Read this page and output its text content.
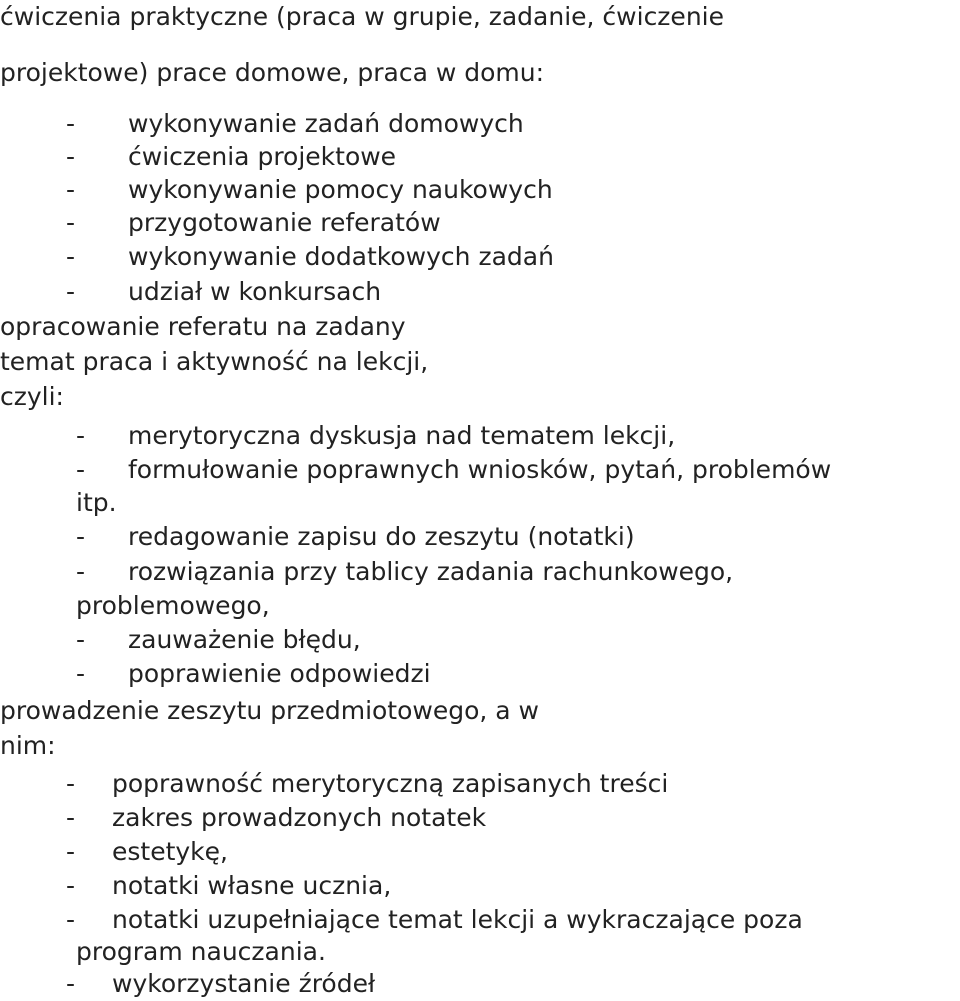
ćwiczenia praktyczne (praca w grupie, zadanie, ćwiczenie
projektowe) prace domowe, praca w domu:
- wykonywanie zadań domowych
- ćwiczenia projektowe
- wykonywanie pomocy naukowych
- przygotowanie referatów
- wykonywanie dodatkowych zadań
- udział w konkursach
opracowanie referatu na zadany
temat praca i aktywność na lekcji,
czyli:
- merytoryczna dyskusja nad tematem lekcji,
- formułowanie poprawnych wniosków, pytań, problemów
itp.
- redagowanie zapisu do zeszytu (notatki)
- rozwiązania przy tablicy zadania rachunkowego,
problemowego,
- zauważenie błędu,
- poprawienie odpowiedzi
prowadzenie zeszytu przedmiotowego, a w
nim:
- poprawność merytoryczną zapisanych treści
- zakres prowadzonych notatek
- estetykę,
- notatki własne ucznia,
- notatki uzupełniające temat lekcji a wykraczające poza
program nauczania.
- wykorzystanie źródeł
